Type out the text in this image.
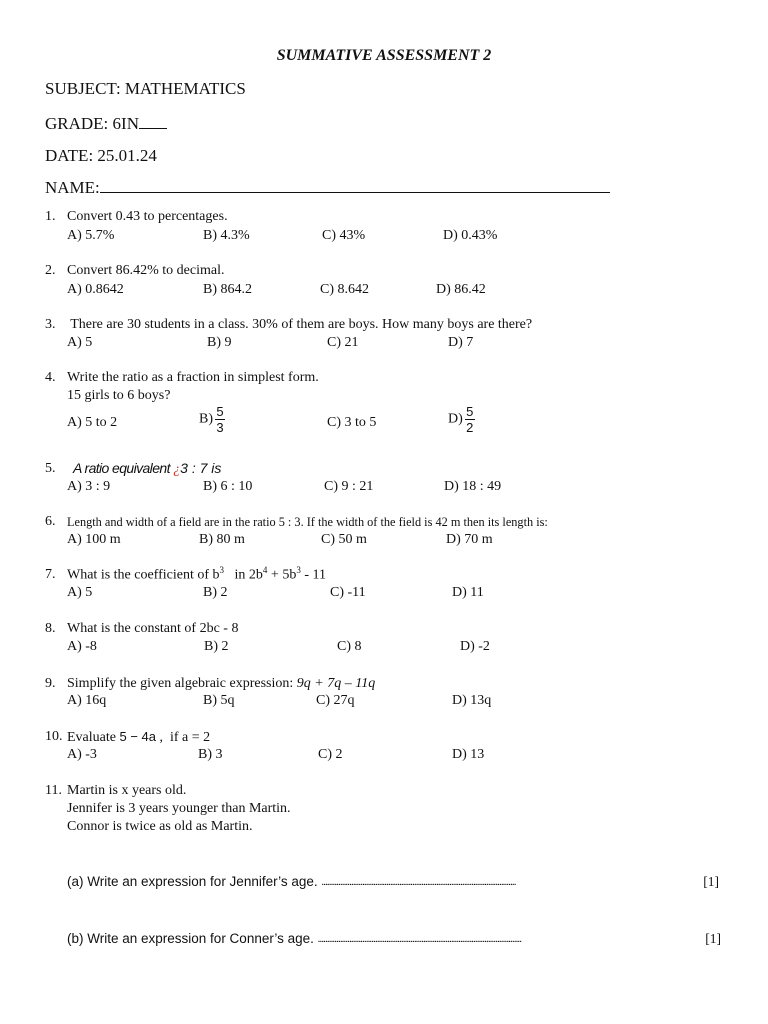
SUMMATIVE ASSESSMENT 2
SUBJECT: MATHEMATICS
GRADE: 6IN
DATE: 25.01.24
NAME:
1. Convert 0.43 to percentages.
A) 5.7%	B) 4.3%	C) 43%	D) 0.43%
2. Convert 86.42% to decimal.
A) 0.8642	B) 864.2	C) 8.642	D) 86.42
3. There are 30 students in a class. 30% of them are boys. How many boys are there?
A) 5	B) 9	C) 21	D) 7
4. Write the ratio as a fraction in simplest form.
15 girls to 6 boys?
A) 5 to 2	$B) \frac{5}{3}$	C) 3 to 5	$D) \frac{5}{2}$
5. A ratio equivalent ¿3 : 7 is
A) 3 : 9	B) 6 : 10	C) 9 : 21	D) 18 : 49
6. Length and width of a field are in the ratio 5 : 3. If the width of the field is 42 m then its length is:
A) 100 m	B) 80 m	C) 50 m	D) 70 m
7. What is the coefficient of $b^3$   in $2b^4 + 5b^3 - 11$
A) 5	B) 2	C) -11	D) 11
8. What is the constant of 2bc - 8
A) -8	B) 2	C) 8	D) -2
9. Simplify the given algebraic expression: 9q + 7q – 11q
A) 16q	B) 5q	C) 27q	D) 13q
10. Evaluate 5 − 4a ,  if a = 2
A) -3	B) 3	C) 2	D) 13
11. Martin is x years old.
Jennifer is 3 years younger than Martin.
Connor is twice as old as Martin.
(a) Write an expression for Jennifer’s age. .........................................................................................................	[1]
(b) Write an expression for Conner’s age. ..............................................................................................................	[1]
